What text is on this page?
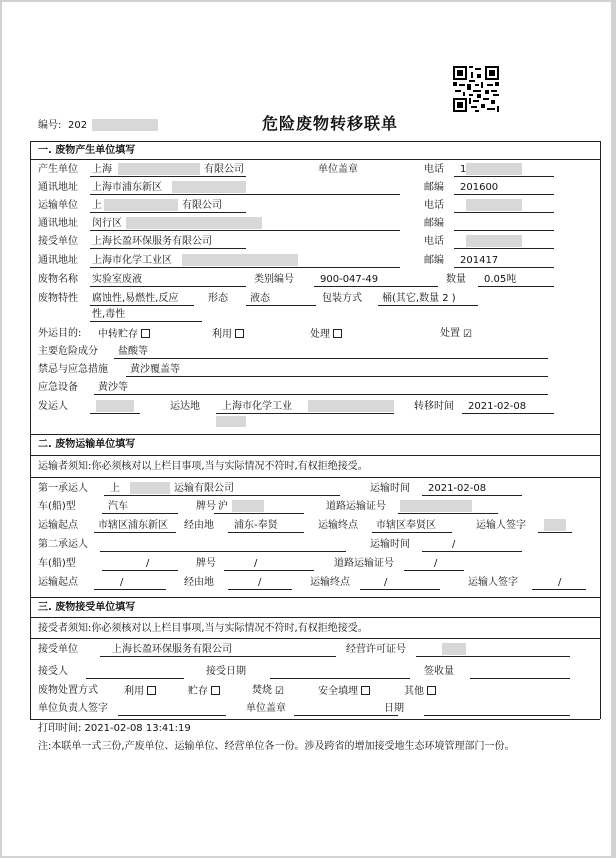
危险废物转移联单
编号: 202
一. 废物产生单位填写
产生单位 上海	有限公司	单位盖章	电话 1
通讯地址 上海市浦东新区	邮编 201600
运输单位 上	有限公司	电话
通讯地址 闵行区	邮编
接受单位 上海长盈环保服务有限公司	电话
通讯地址 上海市化学工业区	邮编 201417
废物名称 实验室废液	类别编号	900-047-49	数量 0.05吨
废物特性 腐蚀性,易燃性,反应	形态 液态	包装方式 桶(其它,数量 2 )
性,毒性
外运目的: 中转贮存	利用	处理	处置 ☑
主要危险成分 盐酸等
禁忌与应急措施 黄沙覆盖等
应急设备 黄沙等
发运人	运达地 上海市化学工业	转移时间 2021-02-08
二. 废物运输单位填写
运输者须知:你必须核对以上栏目事项,当与实际情况不符时,有权拒绝接受。
第一承运人 上	运输有限公司	运输时间 2021-02-08
车(船)型	汽车	牌号 沪	道路运输证号
运输起点 市辖区浦东新区 经由地 浦东-奉贤	运输终点 市辖区奉贤区	运输人签字
第二承运人	运输时间	/
车(船)型	/	牌号	/	道路运输证号	/
运输起点	/	经由地	/	运输终点	/	运输人签字	/
三. 废物接受单位填写
接受者须知:你必须核对以上栏目事项,当与实际情况不符时,有权拒绝接受。
接受单位	上海长盈环保服务有限公司	经营许可证号
接受人	接受日期	签收量
废物处置方式	利用	贮存	焚烧 ☑	安全填埋	其他
单位负责人签字	单位盖章	日期
打印时间: 2021-02-08 13:41:19
注:本联单一式三份,产废单位、运输单位、经营单位各一份。涉及跨省的增加接受地生态环境管理部门一份。
